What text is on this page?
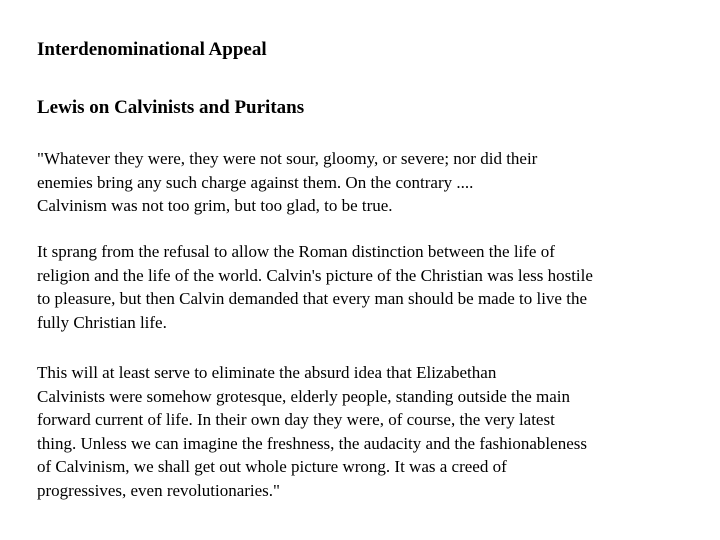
Interdenominational Appeal
Lewis on Calvinists and Puritans

"Whatever they were, they were not sour, gloomy, or severe; nor did their
enemies bring any such charge against them. On the contrary ....
Calvinism was not too grim, but too glad, to be true.

It sprang from the refusal to allow the Roman distinction between the life of
religion and the life of the world. Calvin's picture of the Christian was less hostile
to pleasure, but then Calvin demanded that every man should be made to live the
fully Christian life.

This will at least serve to eliminate the absurd idea that Elizabethan
Calvinists were somehow grotesque, elderly people, standing outside the main
forward current of life. In their own day they were, of course, the very latest
thing. Unless we can imagine the freshness, the audacity and the fashionableness
of Calvinism, we shall get out whole picture wrong. It was a creed of
progressives, even revolutionaries."
